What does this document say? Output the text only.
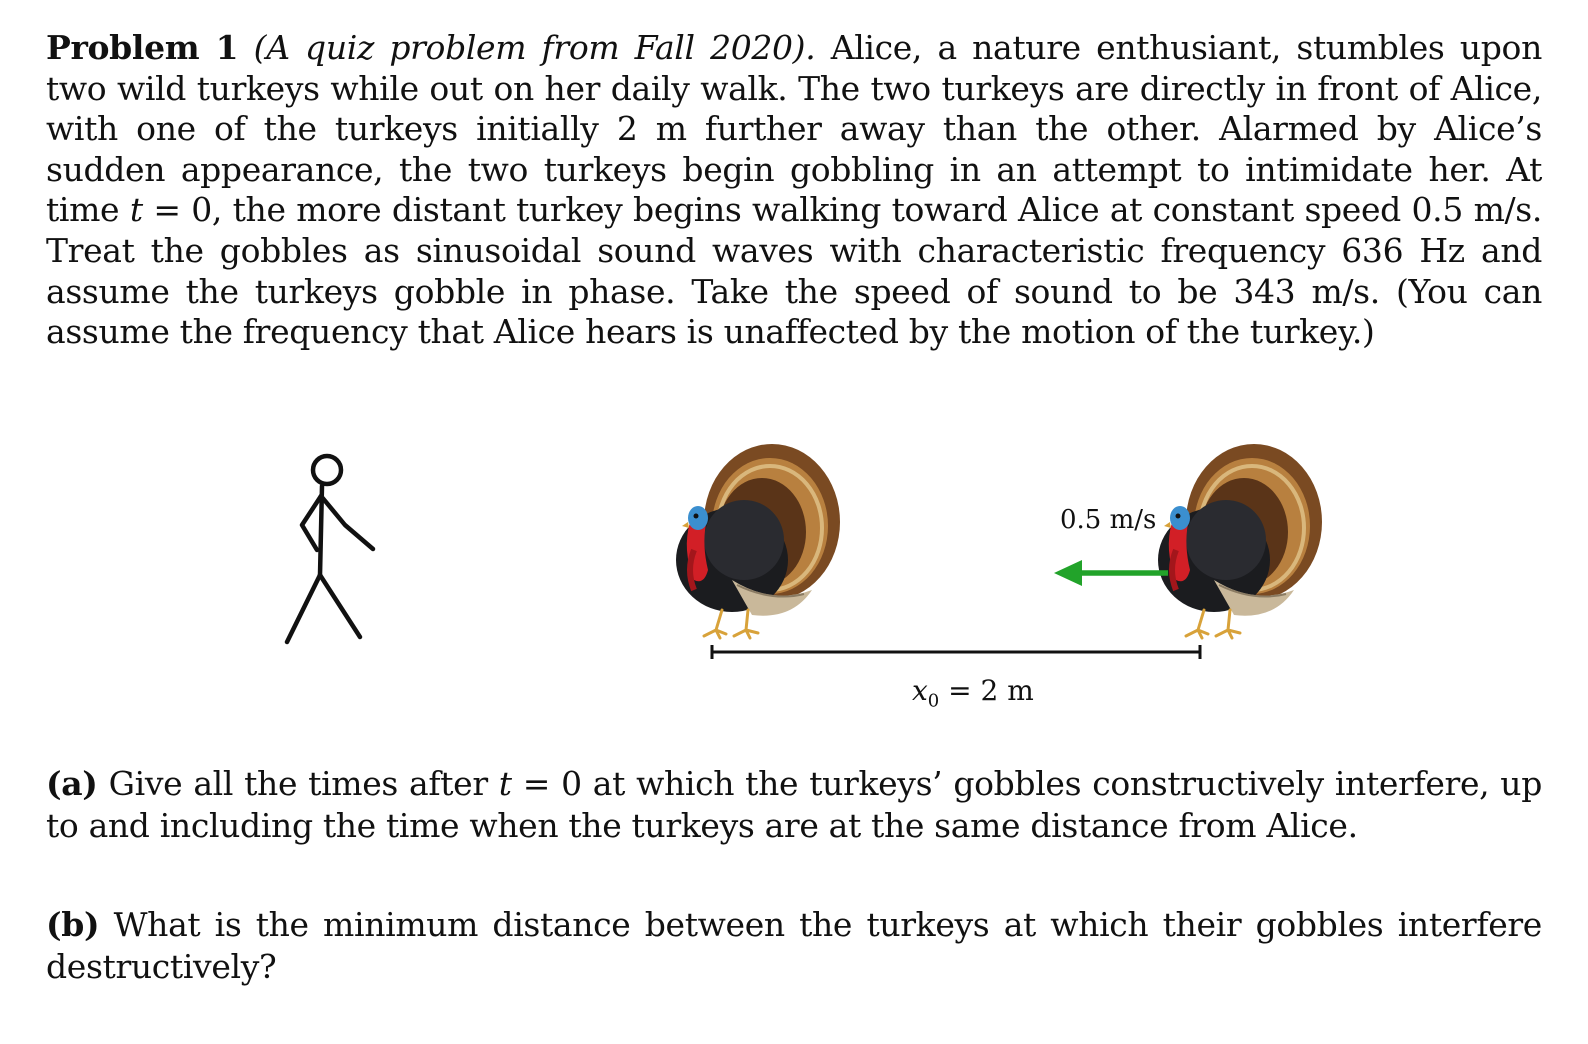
Problem 1 (A quiz problem from Fall 2020). Alice, a nature enthusiant, stumbles upon two wild turkeys while out on her daily walk. The two turkeys are directly in front of Alice, with one of the turkeys initially 2 m further away than the other. Alarmed by Alice’s sudden appearance, the two turkeys begin gobbling in an attempt to intimidate her. At time t = 0, the more distant turkey begins walking toward Alice at constant speed 0.5 m/s. Treat the gobbles as sinusoidal sound waves with characteristic frequency 636 Hz and assume the turkeys gobble in phase. Take the speed of sound to be 343 m/s. (You can assume the frequency that Alice hears is unaffected by the motion of the turkey.)
0.5 m/s
$x_0 = 2$ m
(a) Give all the times after t = 0 at which the turkeys’ gobbles constructively interfere, up to and including the time when the turkeys are at the same distance from Alice.
(b) What is the minimum distance between the turkeys at which their gobbles interfere destructively?
